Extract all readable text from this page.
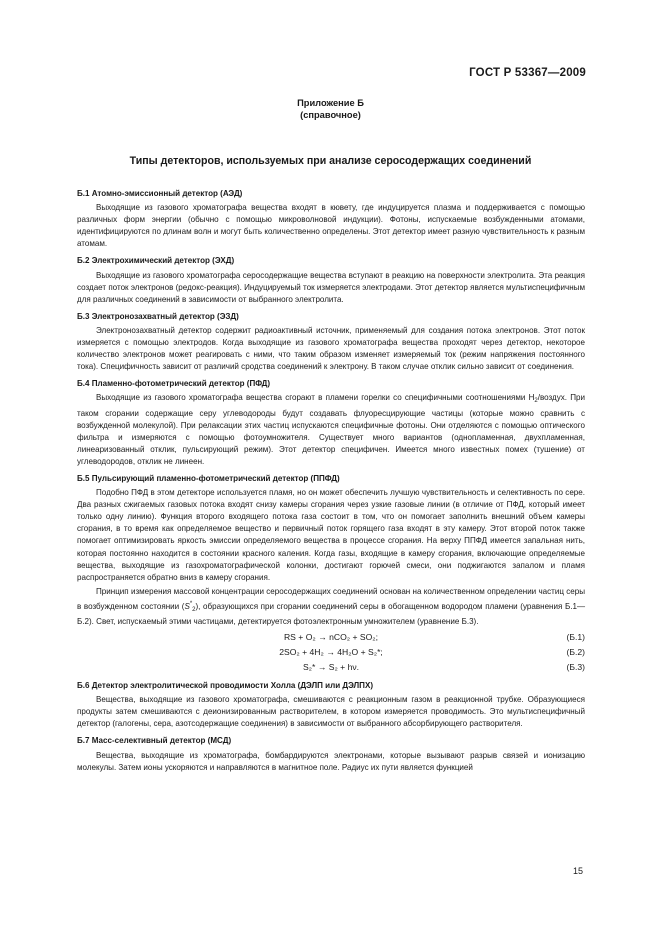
ГОСТ Р 53367—2009
Приложение Б
(справочное)
Типы детекторов, используемых при анализе серосодержащих соединений
Б.1 Атомно-эмиссионный детектор (АЭД)
Выходящие из газового хроматографа вещества входят в кювету, где индуцируется плазма и поддерживается с помощью различных форм энергии (обычно с помощью микроволновой индукции). Фотоны, испускаемые возбужденными атомами, идентифицируются по длинам волн и могут быть количественно определены. Этот детектор имеет разную чувствительность к разным атомам.
Б.2 Электрохимический детектор (ЭХД)
Выходящие из газового хроматографа серосодержащие вещества вступают в реакцию на поверхности электролита. Эта реакция создает поток электронов (редокс-реакция). Индуцируемый ток измеряется электродами. Этот детектор является мультиспецифичным для различных соединений в зависимости от выбранного электролита.
Б.3 Электронозахватный детектор (ЭЗД)
Электронозахватный детектор содержит радиоактивный источник, применяемый для создания потока электронов. Этот поток измеряется с помощью электродов. Когда выходящие из газового хроматографа вещества проходят через детектор, некоторое количество электронов может реагировать с ними, что таким образом изменяет измеряемый ток (режим напряжения постоянного тока). Специфичность зависит от различий сродства соединений к электрону. В таком случае отклик сильно зависит от соединения.
Б.4 Пламенно-фотометрический детектор (ПФД)
Выходящие из газового хроматографа вещества сгорают в пламени горелки со специфичными соотношениями $H_2$/воздух. При таком сгорании содержащие серу углеводороды будут создавать флуоресцирующие частицы (которые можно сравнить с возбужденной молекулой). При релаксации этих частиц испускаются специфичные фотоны. Они отделяются с помощью оптического фильтра и измеряются с помощью фотоумножителя. Существует много вариантов (однопламенная, двухпламенная, линеаризованный отклик, пульсирующий режим). Этот детектор специфичен. Имеется много известных помех (тушение) от углеводородов, отклик не линеен.
Б.5 Пульсирующий пламенно-фотометрический детектор (ППФД)
Подобно ПФД в этом детекторе используется пламя, но он может обеспечить лучшую чувствительность и селективность по сере. Два разных сжигаемых газовых потока входят снизу камеры сгорания через узкие газовые линии (в отличие от ПФД, который имеет только одну линию). Функция второго входящего потока газа состоит в том, что он помогает заполнить внешний объем камеры сгорания, в то время как определяемое вещество и первичный поток горящего газа входят в эту камеру. Этот второй поток также помогает оптимизировать яркость эмиссии определяемого вещества в процессе сгорания. На верху ППФД имеется запальная нить, которая постоянно находится в состоянии красного каления. Когда газы, входящие в камеру сгорания, включающие определяемые вещества, выходящие из газохроматографической колонки, достигают горючей смеси, они поджигаются запалом и пламя распространяется обратно вниз в камеру сгорания.
Принцип измерения массовой концентрации серосодержащих соединений основан на количественном определении частиц серы в возбужденном состоянии $(S^*_2)$, образующихся при сгорании соединений серы в обогащенном водородом пламени (уравнения Б.1—Б.2). Свет, испускаемый этими частицами, детектируется фотоэлектронным умножителем (уравнение Б.3).
RS + O₂ → nCO₂ + SO₂;	(Б.1)
2SO₂ + 4H₂ → 4H₂O + S₂*;	(Б.2)
S₂* → S₂ + hν.	(Б.3)
Б.6 Детектор электролитической проводимости Холла (ДЭЛП или ДЭЛПХ)
Вещества, выходящие из газового хроматографа, смешиваются с реакционным газом в реакционной трубке. Образующиеся продукты затем смешиваются с деионизированным растворителем, в котором измеряется проводимость. Это мультиспецифичный детектор (галогены, сера, азотсодержащие соединения) в зависимости от выбранного абсорбирующего растворителя.
Б.7 Масс-селективный детектор (МСД)
Вещества, выходящие из хроматографа, бомбардируются электронами, которые вызывают разрыв связей и ионизацию молекулы. Затем ионы ускоряются и направляются в магнитное поле. Радиус их пути является функцией
15
